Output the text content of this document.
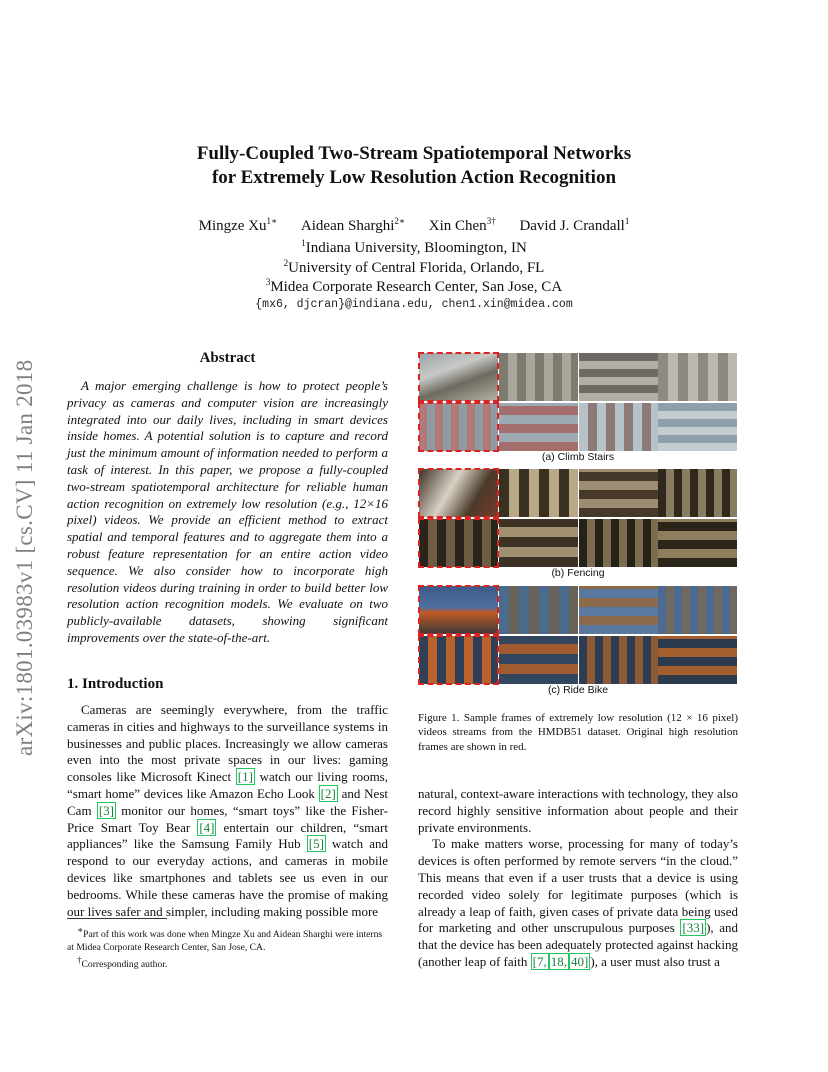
arXiv:1801.03983v1 [cs.CV] 11 Jan 2018
Fully-Coupled Two-Stream Spatiotemporal Networks
for Extremely Low Resolution Action Recognition
Mingze $Xu^{1∗}$ Aidean Sharghi$^{2∗}$ Xin Chen$^{3\dagger}$ David J. Crandall$^1$
$^1$Indiana University, Bloomington, IN
$^2$University of Central Florida, Orlando, FL
$^3$Midea Corporate Research Center, San Jose, CA
{mx6, djcran}@indiana.edu, chen1.xin@midea.com
Abstract
A major emerging challenge is how to protect people’s privacy as cameras and computer vision are increasingly integrated into our daily lives, including in smart devices inside homes. A potential solution is to capture and record just the minimum amount of information needed to perform a task of interest. In this paper, we propose a fully-coupled two-stream spatiotemporal architecture for reliable human action recognition on extremely low resolution (e.g., 12×16 pixel) videos. We provide an efficient method to extract spatial and temporal features and to aggregate them into a robust feature representation for an entire action video sequence. We also consider how to incorporate high resolution videos during training in order to build better low resolution action recognition models. We evaluate on two publicly-available datasets, showing significant improvements over the state-of-the-art.
1. Introduction
Cameras are seemingly everywhere, from the traffic cameras in cities and highways to the surveillance systems in businesses and public places. Increasingly we allow cameras even into the most private spaces in our lives: gaming consoles like Microsoft Kinect [1] watch our living rooms, “smart home” devices like Amazon Echo Look [2] and Nest Cam [3] monitor our homes, “smart toys” like the Fisher-Price Smart Toy Bear [4] entertain our children, “smart appliances” like the Samsung Family Hub [5] watch and respond to our everyday actions, and cameras in mobile devices like smartphones and tablets see us even in our bedrooms. While these cameras have the promise of making our lives safer and simpler, including making possible more
∗Part of this work was done when Mingze Xu and Aidean Sharghi were interns at Midea Corporate Research Center, San Jose, CA.
†Corresponding author.
(a) Climb Stairs
(b) Fencing
(c) Ride Bike
Figure 1. Sample frames of extremely low resolution (12 × 16 pixel) videos streams from the HMDB51 dataset. Original high resolution frames are shown in red.
natural, context-aware interactions with technology, they also record highly sensitive information about people and their private environments.
To make matters worse, processing for many of today’s devices is often performed by remote servers “in the cloud.” This means that even if a user trusts that a device is using recorded video solely for legitimate purposes (which is already a leap of faith, given cases of private data being used for marketing and other unscrupulous purposes [33] ), and that the device has been adequately protected against hacking (another leap of faith [7, 18, 40] ), a user must also trust a
